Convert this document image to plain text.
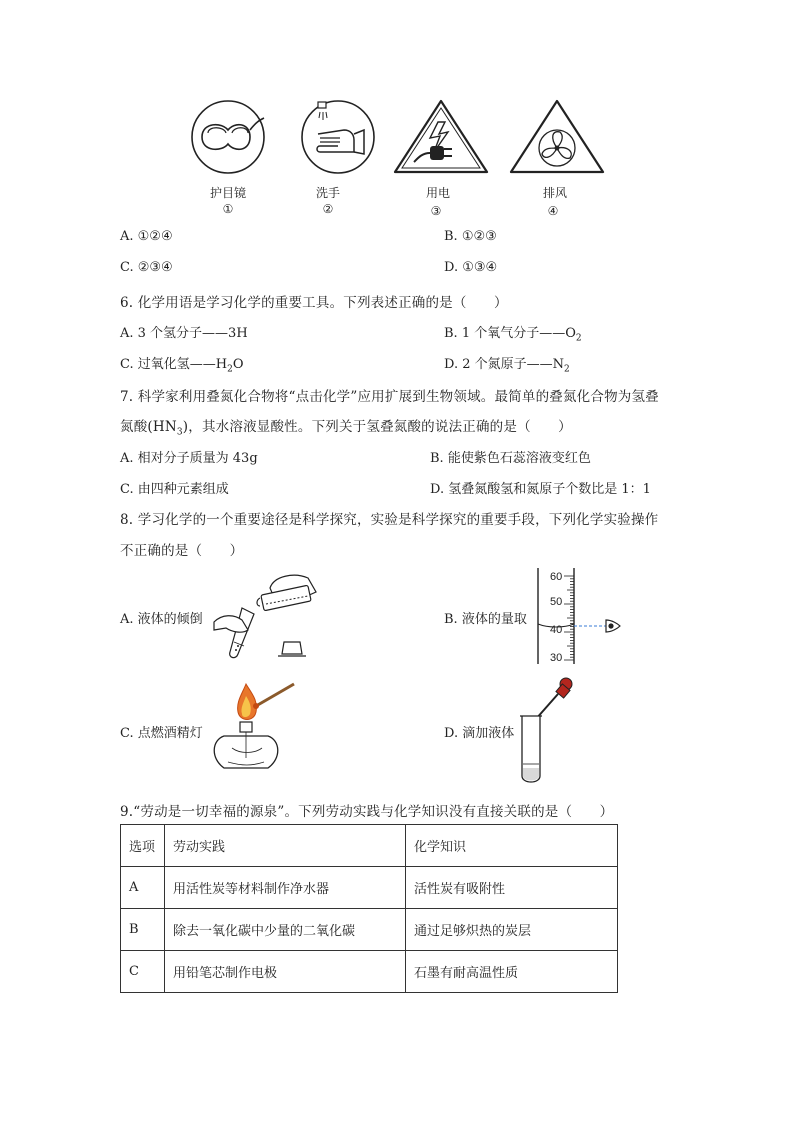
护目镜	洗手	用电	排风
①	②	③	④
A. ①②④	B. ①②③
C. ②③④	D. ①③④
6. 化学用语是学习化学的重要工具。下列表述正确的是（　　）
A. 3 个氢分子——3H	B. 1 个氧气分子$——O_2$
C. 过氧化氢$——H_2O$	D. 2 个氮原子$——N_2$
7. 科学家利用叠氮化合物将“点击化学”应用扩展到生物领域。最简单的叠氮化合物为氢叠
氮酸$(HN_3)$，其水溶液显酸性。下列关于氢叠氮酸的说法正确的是（　　）
A. 相对分子质量为 43g	B. 能使紫色石蕊溶液变红色
C. 由四种元素组成	D. 氢叠氮酸氢和氮原子个数比是 1：1
8. 学习化学的一个重要途径是科学探究，实验是科学探究的重要手段，下列化学实验操作
不正确的是（　　）
A. 液体的倾倒	B. 液体的量取
C. 点燃酒精灯	D. 滴加液体
60
50
40
30
9.“劳动是一切幸福的源泉”。下列劳动实践与化学知识没有直接关联的是（　　）
选项	劳动实践	化学知识
A	用活性炭等材料制作净水器	活性炭有吸附性
B	除去一氧化碳中少量的二氧化碳	通过足够炽热的炭层
C	用铅笔芯制作电极	石墨有耐高温性质
